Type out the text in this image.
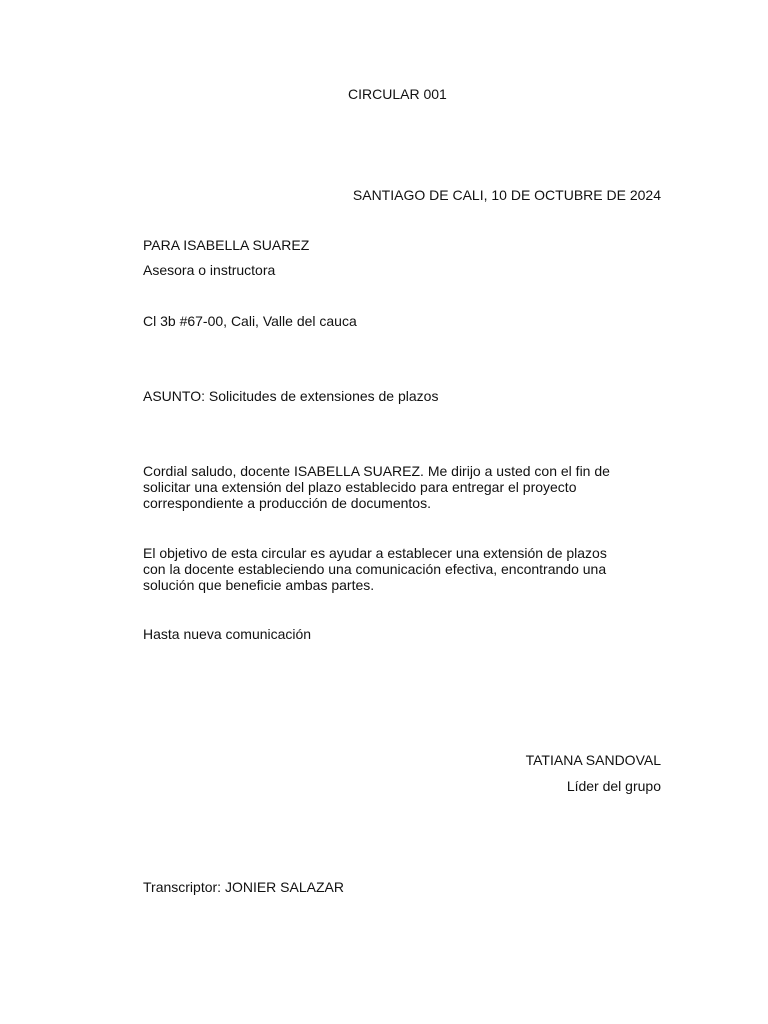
CIRCULAR 001
SANTIAGO DE CALI, 10 DE OCTUBRE DE 2024
PARA ISABELLA SUAREZ
Asesora o instructora
Cl 3b #67-00, Cali, Valle del cauca
ASUNTO: Solicitudes de extensiones de plazos
Cordial saludo, docente ISABELLA SUAREZ. Me dirijo a usted con el fin de
solicitar una extensión del plazo establecido para entregar el proyecto
correspondiente a producción de documentos.
El objetivo de esta circular es ayudar a establecer una extensión de plazos
con la docente estableciendo una comunicación efectiva, encontrando una
solución que beneficie ambas partes.
Hasta nueva comunicación
TATIANA SANDOVAL
Líder del grupo
Transcriptor: JONIER SALAZAR
